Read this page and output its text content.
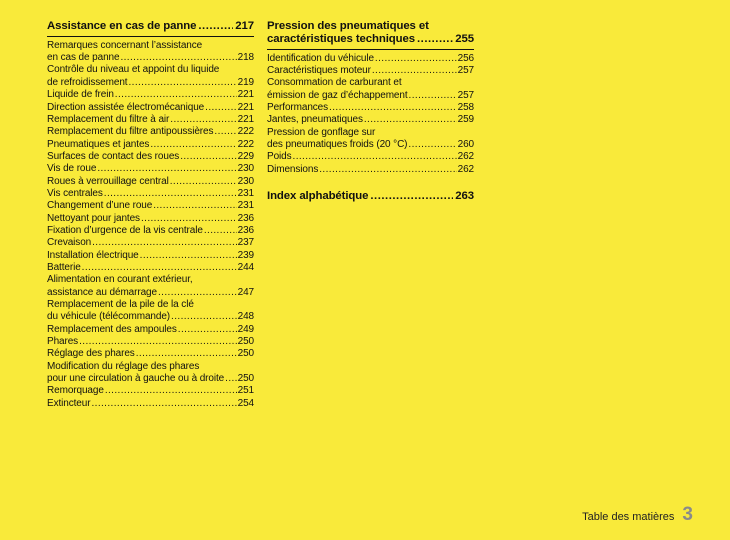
Assistance en cas de panne .....	217
Remarques concernant l’assistance
en cas de panne .....	218
Contrôle du niveau et appoint du liquide
de refroidissement .....	219
Liquide de frein .....	221
Direction assistée électromécanique .....	221
Remplacement du filtre à air .....	221
Remplacement du filtre antipoussières ..... 222
Pneumatiques et jantes .....	222
Surfaces de contact des roues .....	229
Vis de roue .....	230
Roues à verrouillage central .....	230
Vis centrales .....	231
Changement d’une roue .....	231
Nettoyant pour jantes .....	236
Fixation d’urgence de la vis centrale .....	236
Crevaison .....	237
Installation électrique .....	239
Batterie .....	244
Alimentation en courant extérieur,
assistance au démarrage .....	247
Remplacement de la pile de la clé
du véhicule (télécommande) .....	248
Remplacement des ampoules .....	249
Phares .....	250
Réglage des phares .....	250
Modification du réglage des phares
pour une circulation à gauche ou à droite ..... 250
Remorquage .....	251
Extincteur .....	254
Pression des pneumatiques et
caractéristiques techniques .....	255
Identification du véhicule .....	256
Caractéristiques moteur .....	257
Consommation de carburant et
émission de gaz d’échappement .....	257
Performances .....	258
Jantes, pneumatiques .....	259
Pression de gonflage sur
des pneumatiques froids (20 °C) .....	260
Poids .....	262
Dimensions .....	262
Index alphabétique .....	263
Table des matières 3
